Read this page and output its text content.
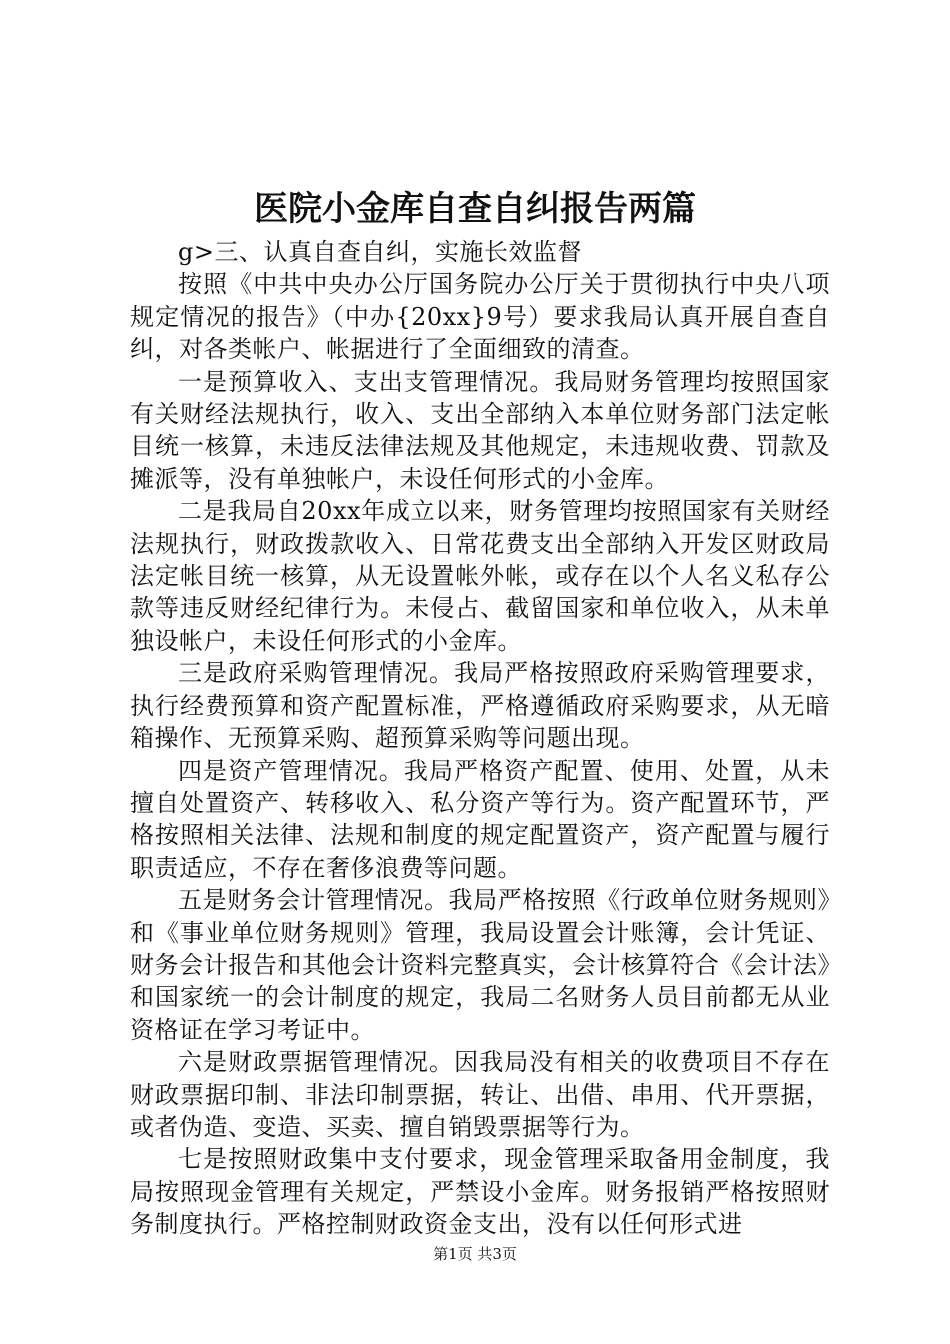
医院小金库自查自纠报告两篇

g>三、认真自查自纠，实施长效监督

按照《中共中央办公厅国务院办公厅关于贯彻执行中央八项规定情况的报告》（中办{20xx}9号）要求我局认真开展自查自纠，对各类帐户、帐据进行了全面细致的清查。

一是预算收入、支出支管理情况。我局财务管理均按照国家有关财经法规执行，收入、支出全部纳入本单位财务部门法定帐目统一核算，未违反法律法规及其他规定，未违规收费、罚款及摊派等，没有单独帐户，未设任何形式的小金库。

二是我局自20xx年成立以来，财务管理均按照国家有关财经法规执行，财政拨款收入、日常花费支出全部纳入开发区财政局法定帐目统一核算，从无设置帐外帐，或存在以个人名义私存公款等违反财经纪律行为。未侵占、截留国家和单位收入，从未单独设帐户，未设任何形式的小金库。

三是政府采购管理情况。我局严格按照政府采购管理要求，执行经费预算和资产配置标准，严格遵循政府采购要求，从无暗箱操作、无预算采购、超预算采购等问题出现。

四是资产管理情况。我局严格资产配置、使用、处置，从未擅自处置资产、转移收入、私分资产等行为。资产配置环节，严格按照相关法律、法规和制度的规定配置资产，资产配置与履行职责适应，不存在奢侈浪费等问题。

五是财务会计管理情况。我局严格按照《行政单位财务规则》和《事业单位财务规则》管理，我局设置会计账簿，会计凭证、财务会计报告和其他会计资料完整真实，会计核算符合《会计法》和国家统一的会计制度的规定，我局二名财务人员目前都无从业资格证在学习考证中。

六是财政票据管理情况。因我局没有相关的收费项目不存在财政票据印制、非法印制票据，转让、出借、串用、代开票据，或者伪造、变造、买卖、擅自销毁票据等行为。

七是按照财政集中支付要求，现金管理采取备用金制度，我局按照现金管理有关规定，严禁设小金库。财务报销严格按照财务制度执行。严格控制财政资金支出，没有以任何形式进

第1页 共3页
